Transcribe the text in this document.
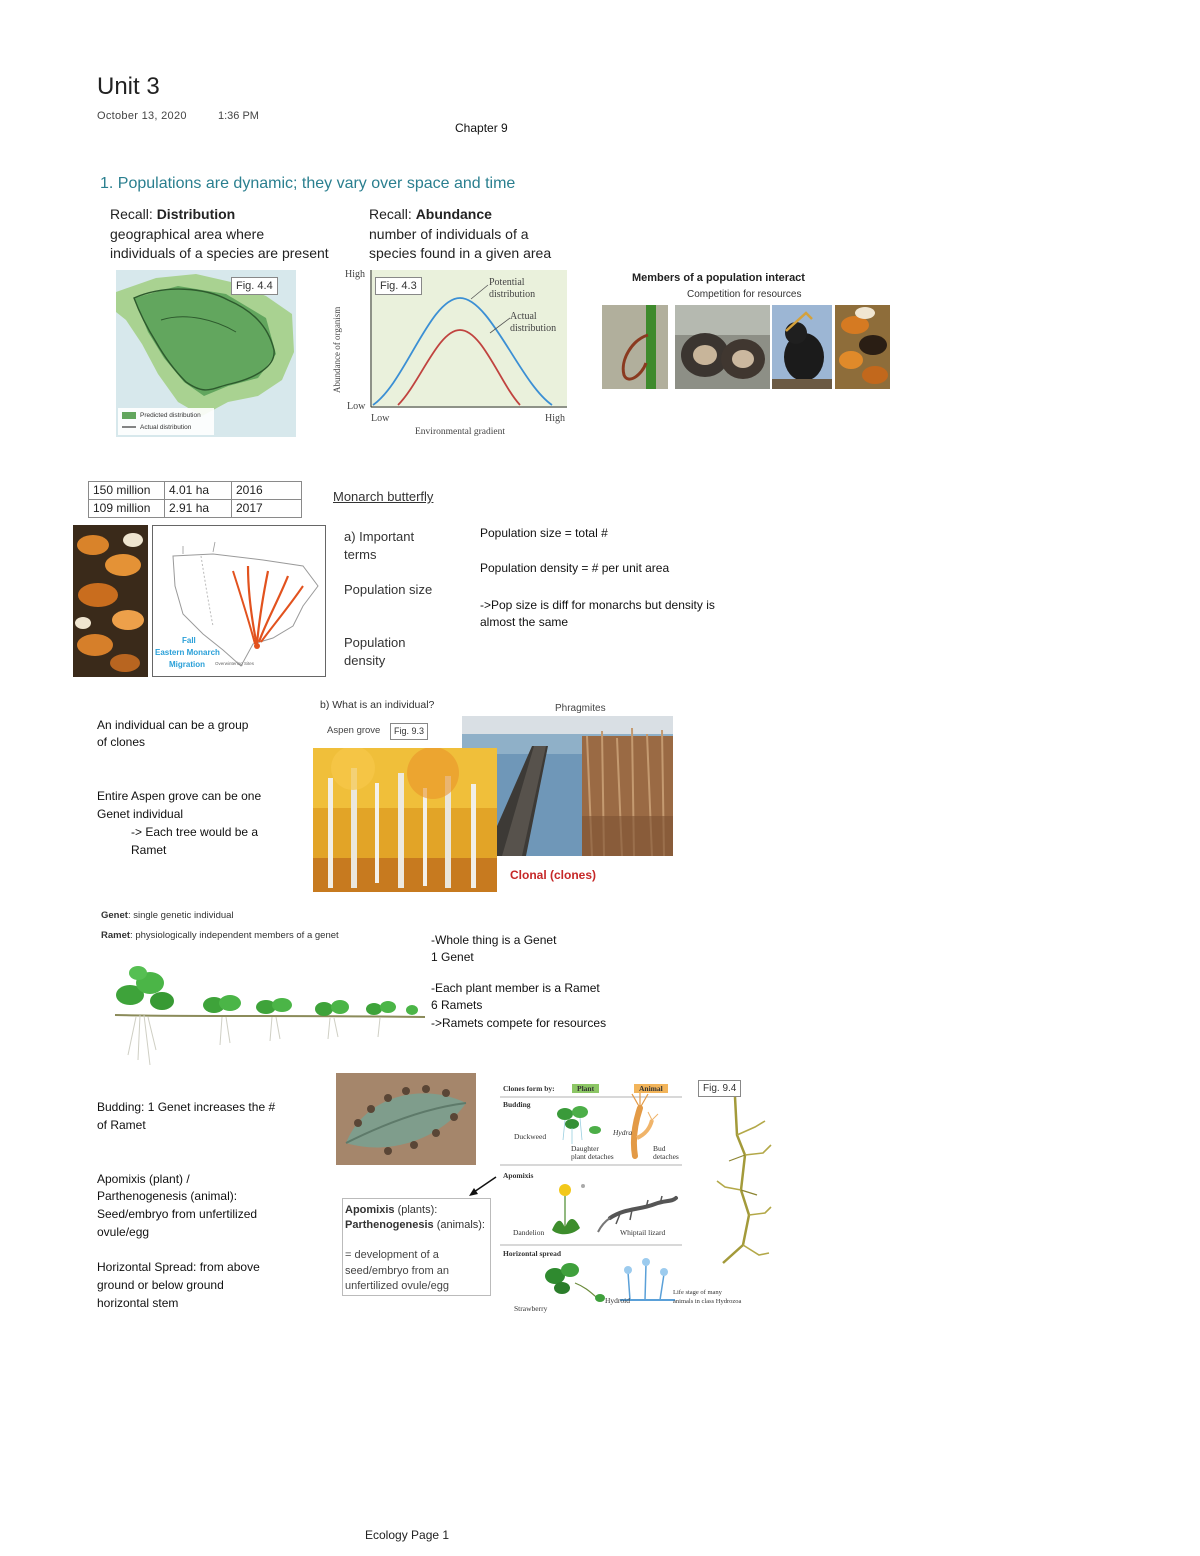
Unit 3
October 13, 2020	1:36 PM
Chapter 9
1. Populations are dynamic; they vary over space and time
Recall: Distribution
geographical area where
individuals of a species are present
Recall: Abundance
number of individuals of a
species found in a given area
Predicted distribution
Actual distribution
Fig. 4.4
High
Low
Low	High
Environmental gradient
Abundance of organism
Potential
distribution
Actual
distribution
Fig. 4.3
Members of a population interact
Competition for resources
150 million	4.01 ha	2016
109 million	2.91 ha	2017
Monarch butterfly
Fall
Eastern Monarch
Migration Overwintering Sites
a) Important
terms
Population size
Population
density
Population size = total #
Population density = # per unit area
->Pop size is diff for monarchs but density is
almost the same
b) What is an individual?	Phragmites
Aspen grove	Fig. 9.3
Clonal (clones)
An individual can be a group
of clones
Entire Aspen grove can be one
Genet individual
-> Each tree would be a
Ramet
Genet: single genetic individual
Ramet: physiologically independent members of a genet	-Whole thing is a Genet
1 Genet
-Each plant member is a Ramet
6 Ramets
->Ramets compete for resources
Budding: 1 Genet increases the #
of Ramet
Apomixis (plant) /
Parthenogenesis (animal):
Seed/embryo from unfertilized
ovule/egg
Horizontal Spread: from above
ground or below ground
horizontal stem
Apomixis (plants):
Parthenogenesis (animals):
= development of a
seed/embryo from an
unfertilized ovule/egg
Clones form by:	Plant	Animal	Fig. 9.4
Budding
Duckweed	Hydra
Daughter
plant detaches
Bud
detaches
Apomixis
Dandelion	Whiptail lizard
Horizontal spread
Strawberry
Hydroid
Life stage of many
animals in class Hydrozoa
Ecology Page 1
